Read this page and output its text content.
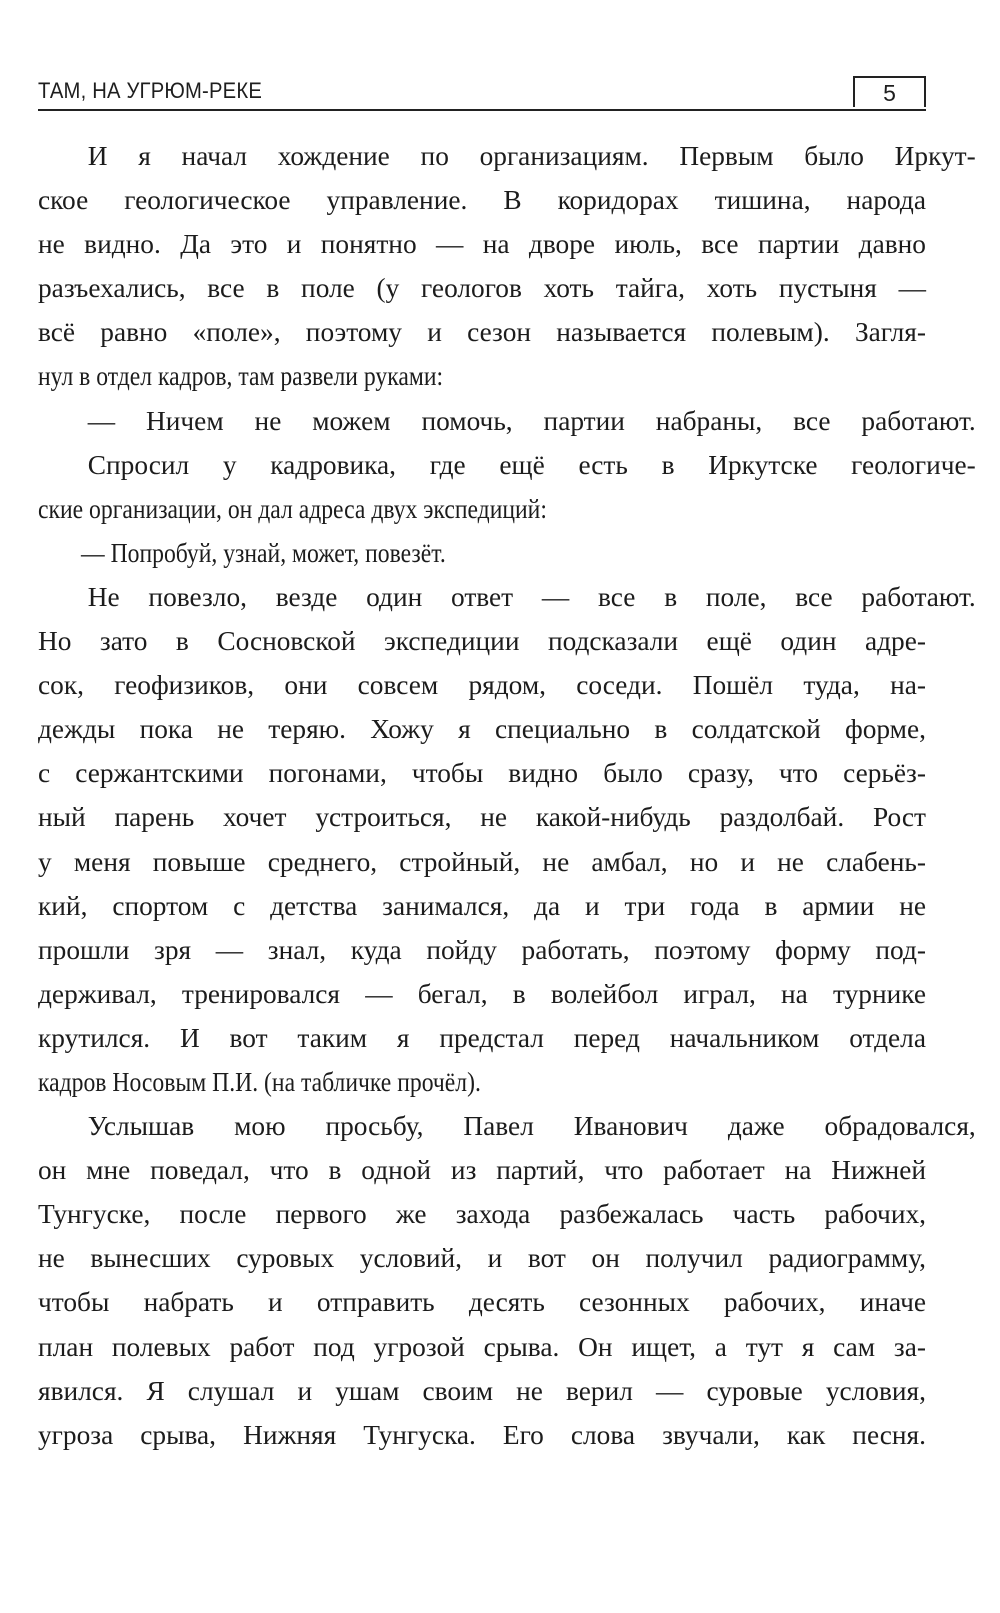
ТАМ, НА УГРЮМ-РЕКЕ	5
И я начал хождение по организациям. Первым было Иркут-
ское геологическое управление. В коридорах тишина, народа
не видно. Да это и понятно — на дворе июль, все партии давно
разъехались, все в поле (у геологов хоть тайга, хоть пустыня —
всё равно «поле», поэтому и сезон называется полевым). Загля-
нул в отдел кадров, там развели руками:
— Ничем не можем помочь, партии набраны, все работают.
Спросил у кадровика, где ещё есть в Иркутске геологиче-
ские организации, он дал адреса двух экспедиций:
— Попробуй, узнай, может, повезёт.
Не повезло, везде один ответ — все в поле, все работают.
Но зато в Сосновской экспедиции подсказали ещё один адре-
сок, геофизиков, они совсем рядом, соседи. Пошёл туда, на-
дежды пока не теряю. Хожу я специально в солдатской форме,
с сержантскими погонами, чтобы видно было сразу, что серьёз-
ный парень хочет устроиться, не какой-нибудь раздолбай. Рост
у меня повыше среднего, стройный, не амбал, но и не слабень-
кий, спортом с детства занимался, да и три года в армии не
прошли зря — знал, куда пойду работать, поэтому форму под-
держивал, тренировался — бегал, в волейбол играл, на турнике
крутился. И вот таким я предстал перед начальником отдела
кадров Носовым П.И. (на табличке прочёл).
Услышав мою просьбу, Павел Иванович даже обрадовался,
он мне поведал, что в одной из партий, что работает на Нижней
Тунгуске, после первого же захода разбежалась часть рабочих,
не вынесших суровых условий, и вот он получил радиограмму,
чтобы набрать и отправить десять сезонных рабочих, иначе
план полевых работ под угрозой срыва. Он ищет, а тут я сам за-
явился. Я слушал и ушам своим не верил — суровые условия,
угроза срыва, Нижняя Тунгуска. Его слова звучали, как песня.
